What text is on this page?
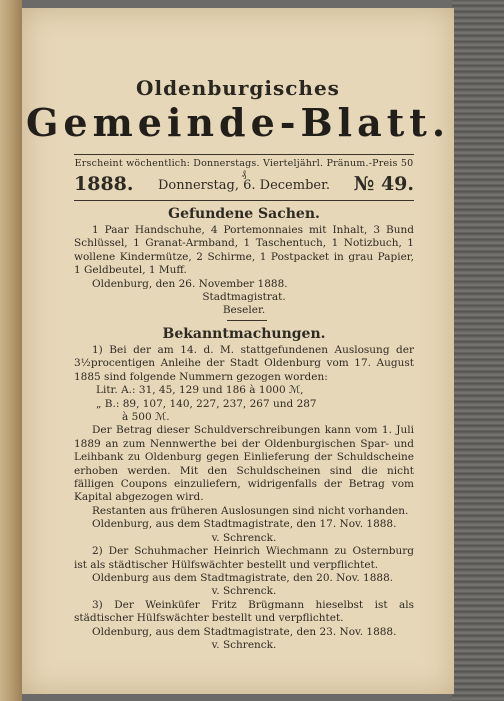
Oldenburgisches
Gemeinde-Blatt.
Erscheint wöchentlich: Donnerstags. Vierteljährl. Pränum.-Preis 50 ₰
1888.	Donnerstag, 6. December.	№ 49.
Gefundene Sachen.

1 Paar Handschuhe, 4 Portemonnaies mit Inhalt, 3 Bund Schlüssel, 1 Granat-Armband, 1 Taschentuch, 1 Notizbuch, 1 wollene Kindermütze, 2 Schirme, 1 Postpacket in grau Papier, 1 Geldbeutel, 1 Muff.

Oldenburg, den 26. November 1888.

Stadtmagistrat.

Beseler.

Bekanntmachungen.

1) Bei der am 14. d. M. stattgefundenen Auslosung der 3½procentigen Anleihe der Stadt Oldenburg vom 17. August 1885 sind folgende Nummern gezogen worden:

Litr. A.: 31, 45, 129 und 186 à 1000 ℳ,

„ B.: 89, 107, 140, 227, 237, 267 und 287

à 500 ℳ.

Der Betrag dieser Schuldverschreibungen kann vom 1. Juli 1889 an zum Nennwerthe bei der Oldenburgischen Spar- und Leihbank zu Oldenburg gegen Einlieferung der Schuldscheine erhoben werden. Mit den Schuldscheinen sind die nicht fälligen Coupons einzuliefern, widrigenfalls der Betrag vom Kapital abgezogen wird.

Restanten aus früheren Auslosungen sind nicht vorhanden.

Oldenburg, aus dem Stadtmagistrate, den 17. Nov. 1888.

v. Schrenck.

2) Der Schuhmacher Heinrich Wiechmann zu Osternburg ist als städtischer Hülfswächter bestellt und verpflichtet.

Oldenburg aus dem Stadtmagistrate, den 20. Nov. 1888.

v. Schrenck.

3) Der Weinküfer Fritz Brügmann hieselbst ist als städtischer Hülfswächter bestellt und verpflichtet.

Oldenburg, aus dem Stadtmagistrate, den 23. Nov. 1888.

v. Schrenck.
